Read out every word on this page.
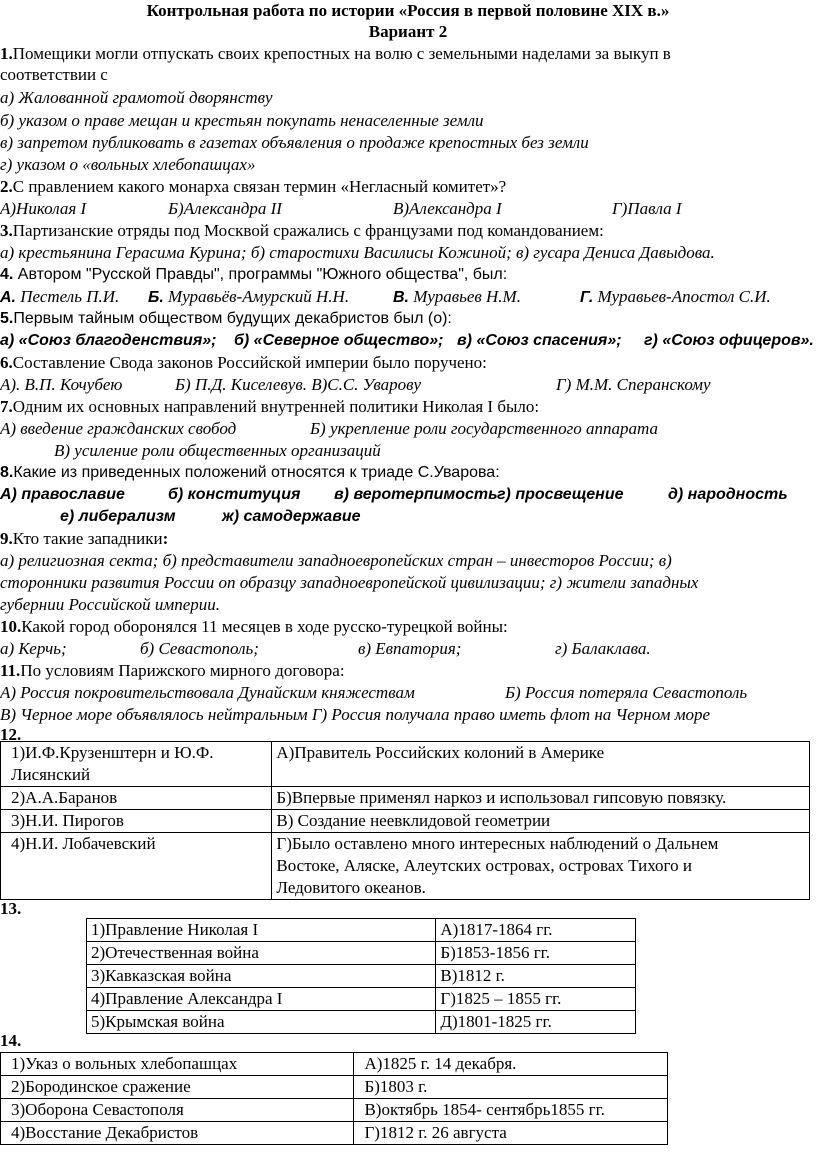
Контрольная работа по истории «Россия в первой половине XIX в.»
Вариант 2
1.Помещики могли отпускать своих крепостных на волю с земельными наделами за выкуп в
соответствии с
а) Жалованной грамотой дворянству
б) указом о праве мещан и крестьян покупать ненаселенные земли
в) запретом публиковать в газетах объявления о продаже крепостных без земли
г) указом о «вольных хлебопашцах»
2.С правлением какого монарха связан термин «Негласный комитет»?
А)Николая I	Б)Александра II	В)Александра I	Г)Павла I
3.Партизанские отряды под Москвой сражались с французами под командованием:
а) крестьянина Герасима Курина; б) старостихи Василисы Кожиной; в) гусара Дениса Давыдова.
4. Автором "Русской Правды", программы "Южного общества", был:
А. Пестель П.И. Б. Муравьёв-Амурский Н.Н.	В. Муравьев Н.М.	Г. Муравьев-Апостол С.И.
5.Первым тайным обществом будущих декабристов был (о):
а) «Союз благоденствия»; б) «Северное общество»; в) «Союз спасения»; г) «Союз офицеров».
6.Составление Свода законов Российской империи было поручено:
А). В.П. Кочубею	Б) П.Д. Киселевув. В)С.С. Уварову	Г) М.М. Сперанскому
7.Одним их основных направлений внутренней политики Николая I было:
А) введение гражданских свобод	Б) укрепление роли государственного аппарата
В) усиление роли общественных организаций
8.Какие из приведенных положений относятся к триаде С.Уварова:
А) православие	б) конституция в) веротерпимость г) просвещение	д) народность
е) либерализм	ж) самодержавие
9.Кто такие западники:
а) религиозная секта; б) представители западноевропейских стран – инвесторов России; в)
сторонники развития России оп образцу западноевропейской цивилизации; г) жители западных
губернии Российской империи.
10.Какой город оборонялся 11 месяцев в ходе русско-турецкой войны:
а) Керчь;	б) Севастополь;	в) Евпатория;	г) Балаклава.
11.По условиям Парижского мирного договора:
А) Россия покровительствовала Дунайским княжествам	Б) Россия потеряла Севастополь
В) Черное море объявлялось нейтральным Г) Россия получала право иметь флот на Черном море
12.
1)И.Ф.Крузенштерн и Ю.Ф. Лисянский	А)Правитель Российских колоний в Америке
2)А.А.Баранов	Б)Впервые применял наркоз и использовал гипсовую повязку.
3)Н.И. Пирогов	В) Создание неевклидовой геометрии
4)Н.И. Лобачевский	Г)Было оставлено много интересных наблюдений о Дальнем Востоке, Аляске, Алеутских островах, островах Тихого и Ледовитого океанов.
13.
1)Правление Николая I	А)1817-1864 гг.
2)Отечественная война	Б)1853-1856 гг.
3)Кавказская война	В)1812 г.
4)Правление Александра I	Г)1825 – 1855 гг.
5)Крымская война	Д)1801-1825 гг.
14.
1)Указ о вольных хлебопашцах	А)1825 г. 14 декабря.
2)Бородинское сражение	Б)1803 г.
3)Оборона Севастополя	В)октябрь 1854- сентябрь1855 гг.
4)Восстание Декабристов	Г)1812 г. 26 августа
